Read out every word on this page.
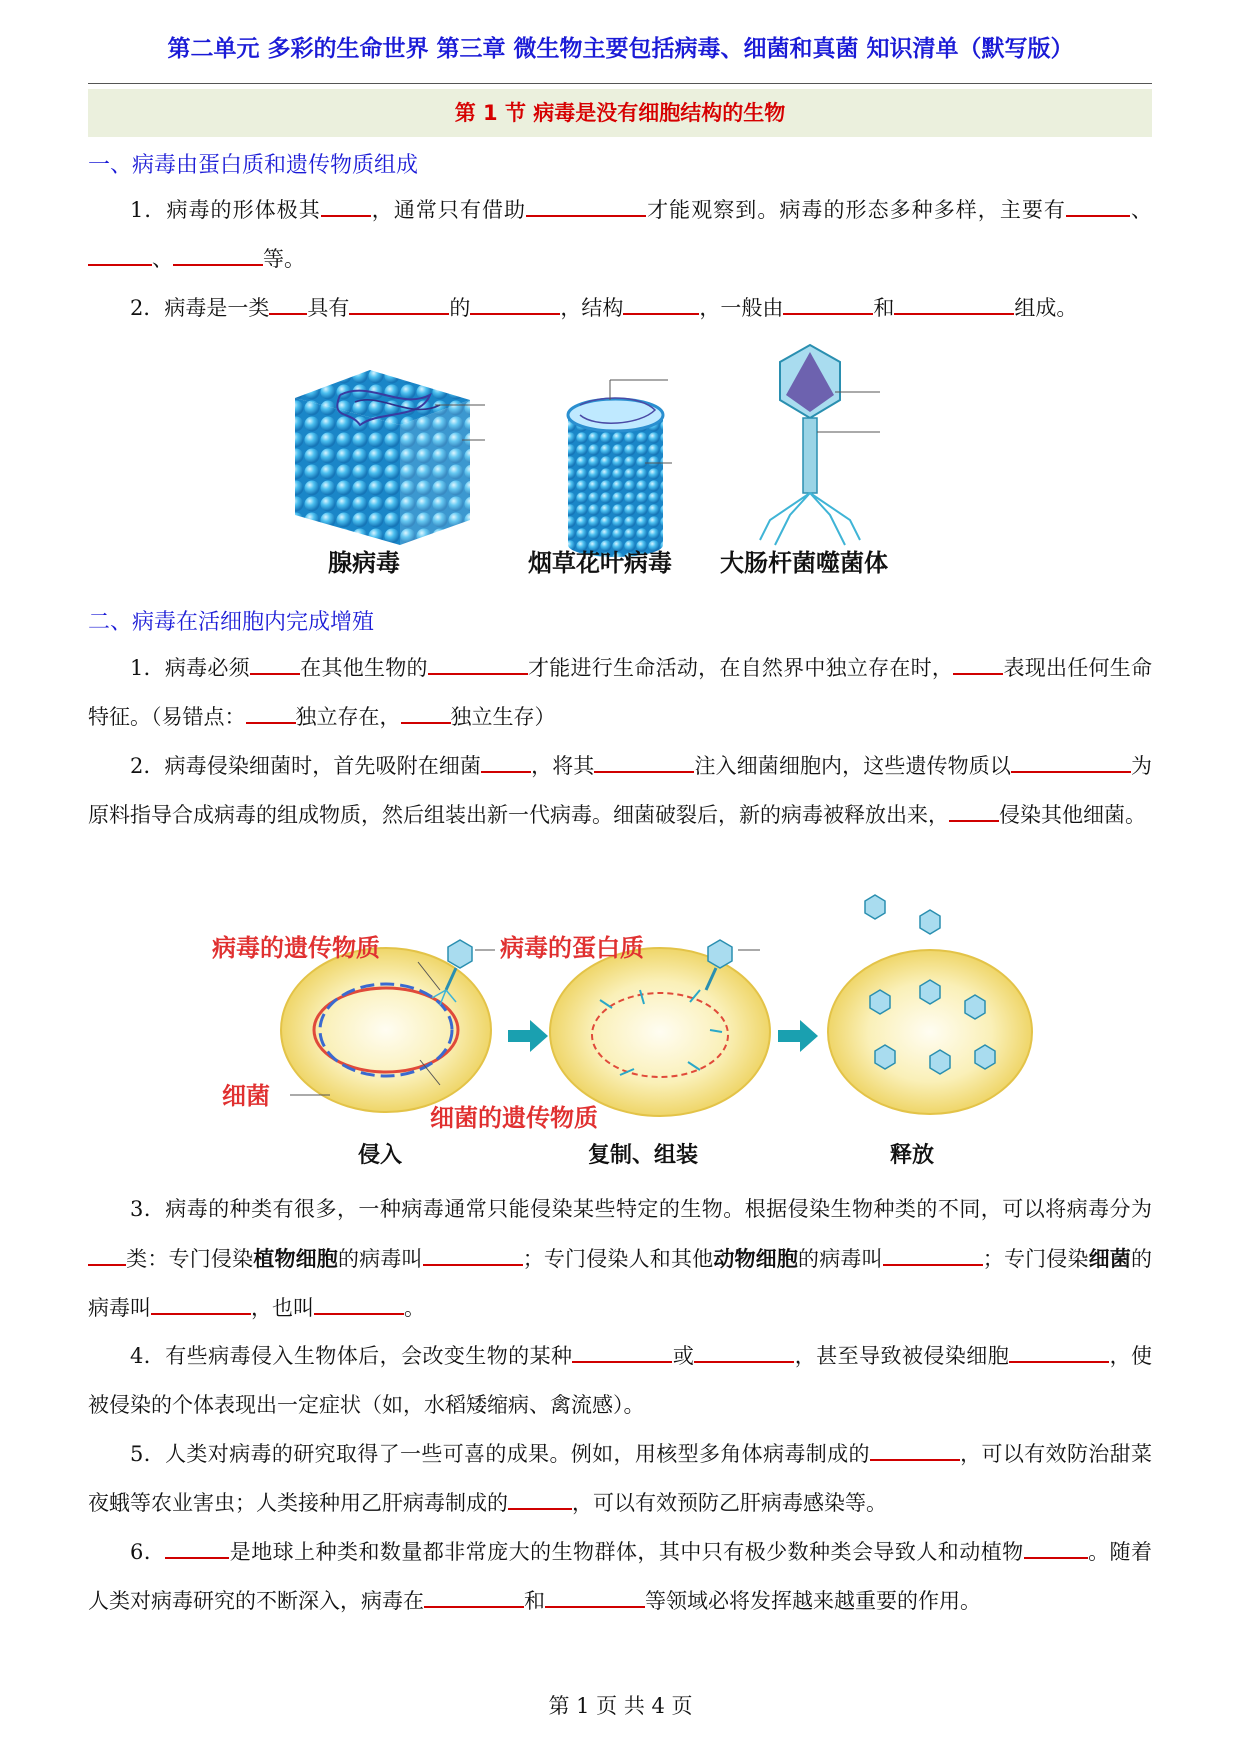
第二单元 多彩的生命世界 第三章 微生物主要包括病毒、细菌和真菌 知识清单（默写版）
第 1 节 病毒是没有细胞结构的生物
一、病毒由蛋白质和遗传物质组成
1．病毒的形体极其 ，通常只有借助	才能观察到。病毒的形态多种多样，主要有	、、	等。
2．病毒是一类 具有	的	，结构	，一般由	和	组成。
腺病毒	烟草花叶病毒 大肠杆菌噬菌体
二、病毒在活细胞内完成增殖
1．病毒必须 在其他生物的	才能进行生命活动，在自然界中独立存在时， 表现出任何生命特征。（易错点： 独立存在， 独立生存）
2．病毒侵染细菌时，首先吸附在细菌 ，将其	注入细菌细胞内，这些遗传物质以	为原料指导合成病毒的组成物质，然后组装出新一代病毒。细菌破裂后，新的病毒被释放出来， 侵染其他细菌。
病毒的遗传物质	病毒的蛋白质
细菌
细菌的遗传物质
侵入	复制、组装	释放
3．病毒的种类有很多，一种病毒通常只能侵染某些特定的生物。根据侵染生物种类的不同，可以将病毒分为类：专门侵染植物细胞的病毒叫	；专门侵染人和其他动物细胞的病毒叫	；专门侵染细菌的病毒叫	，也叫	。
4．有些病毒侵入生物体后，会改变生物的某种	或	，甚至导致被侵染细胞	，使被侵染的个体表现出一定症状（如，水稻矮缩病、禽流感）。
5．人类对病毒的研究取得了一些可喜的成果。例如，用核型多角体病毒制成的	，可以有效防治甜菜夜蛾等农业害虫；人类接种用乙肝病毒制成的	，可以有效预防乙肝病毒感染等。
6．	是地球上种类和数量都非常庞大的生物群体，其中只有极少数种类会导致人和动植物	。随着人类对病毒研究的不断深入，病毒在	和	等领域必将发挥越来越重要的作用。
第 1 页 共 4 页
